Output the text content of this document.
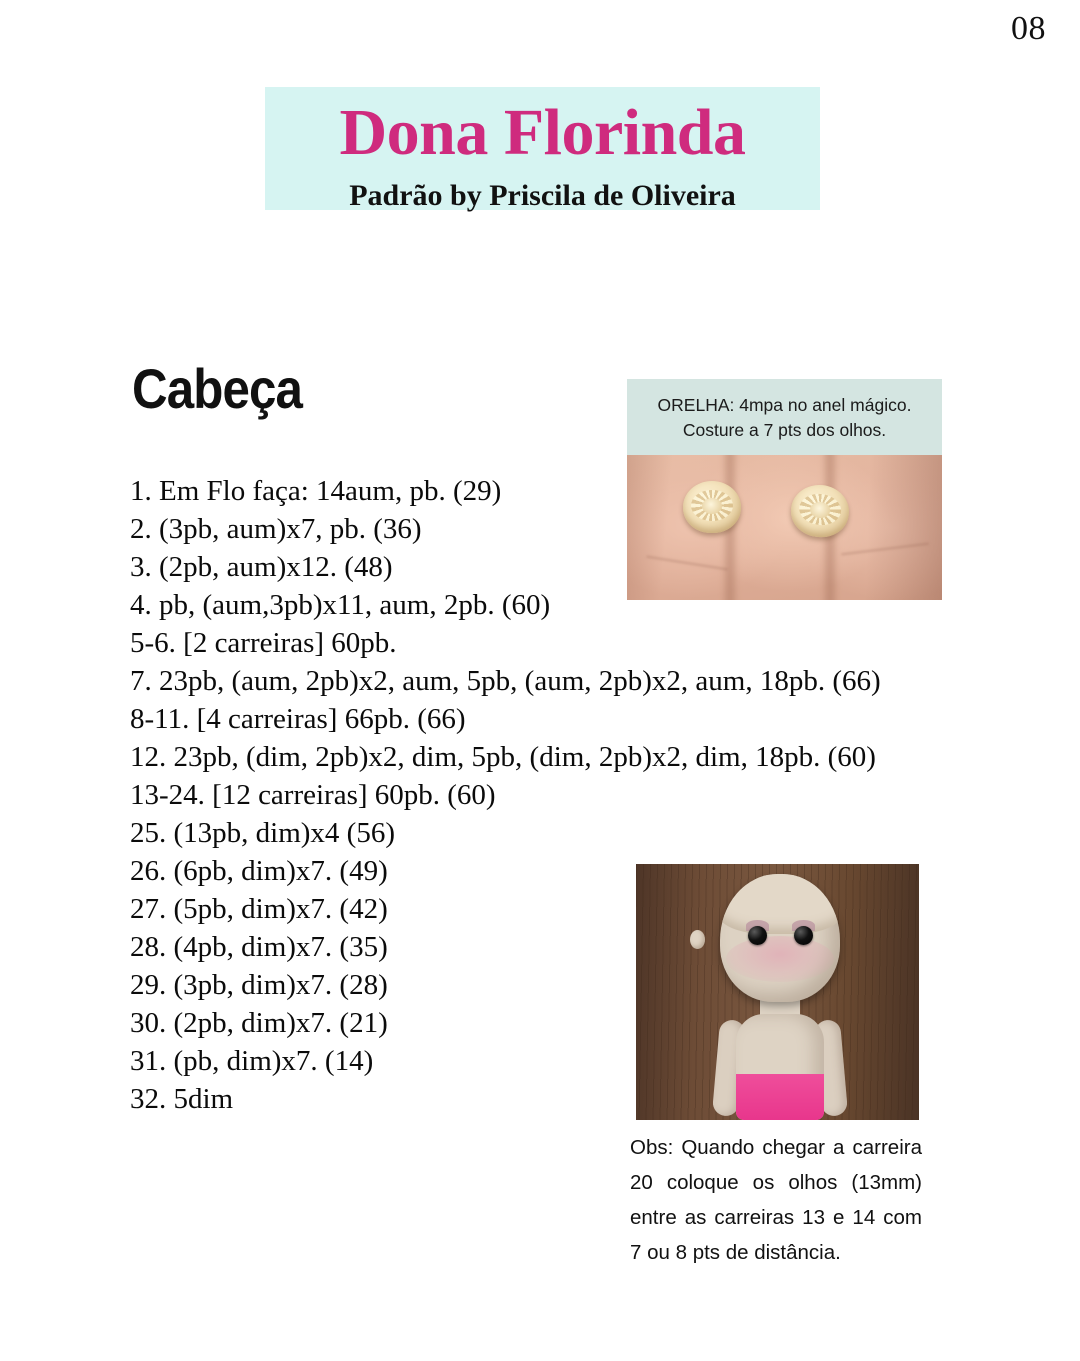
08
Dona Florinda
Padrão by Priscila de Oliveira
Cabeça
1. Em Flo faça: 14aum, pb. (29)
2. (3pb, aum)x7, pb. (36)
3. (2pb, aum)x12. (48)
4. pb, (aum,3pb)x11, aum, 2pb. (60)
5-6. [2 carreiras] 60pb.
7. 23pb, (aum, 2pb)x2, aum, 5pb, (aum, 2pb)x2, aum, 18pb. (66)
8-11. [4 carreiras] 66pb. (66)
12. 23pb, (dim, 2pb)x2, dim, 5pb, (dim, 2pb)x2, dim, 18pb. (60)
13-24. [12 carreiras] 60pb. (60)
25. (13pb, dim)x4 (56)
26. (6pb, dim)x7. (49)
27. (5pb, dim)x7. (42)
28. (4pb, dim)x7. (35)
29. (3pb, dim)x7. (28)
30. (2pb, dim)x7. (21)
31. (pb, dim)x7. (14)
32. 5dim
ORELHA: 4mpa no anel mágico.
Costure a 7 pts dos olhos.
Obs: Quando chegar a carreira 20 coloque os olhos (13mm) entre as carreiras 13 e 14 com 7 ou 8 pts de distância.
